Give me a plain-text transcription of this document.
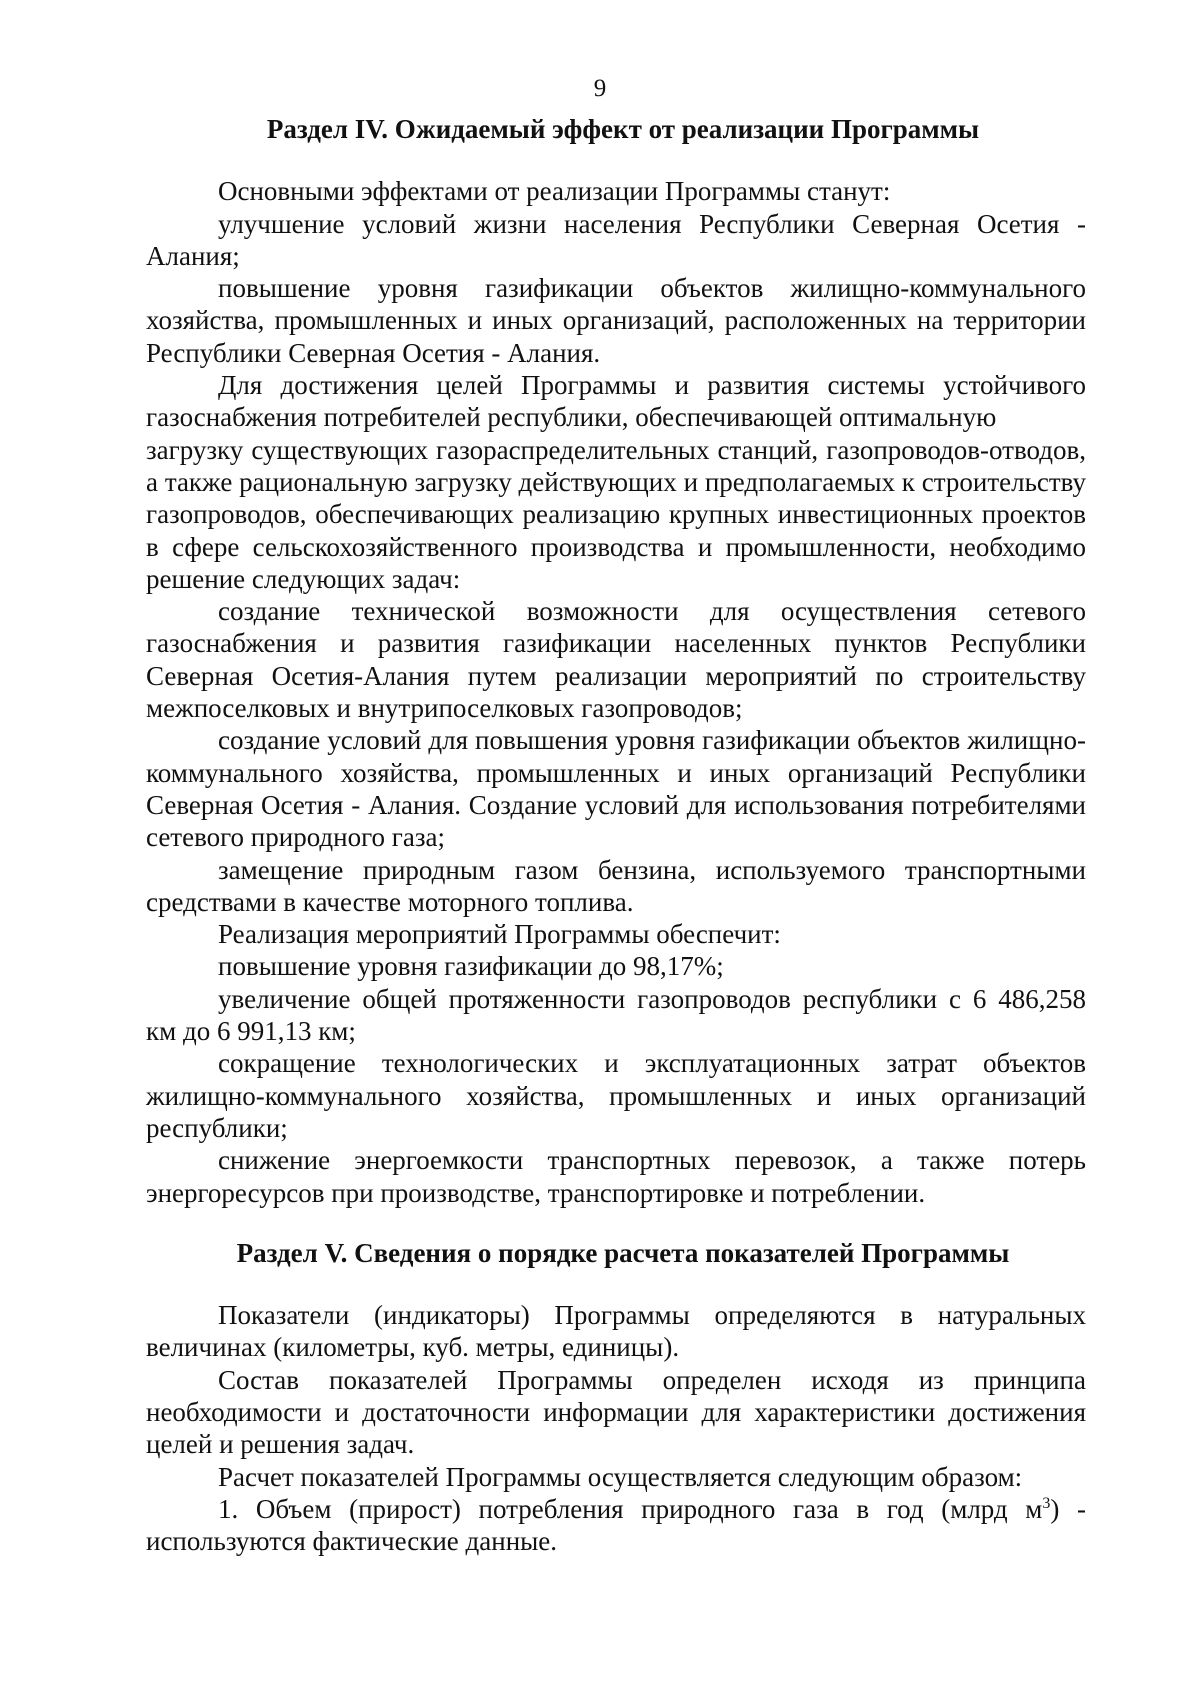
9

Раздел IV. Ожидаемый эффект от реализации Программы

Основными эффектами от реализации Программы станут:

улучшение условий жизни населения Республики Северная Осетия - Алания;

повышение уровня газификации объектов жилищно-коммунального хозяйства, промышленных и иных организаций, расположенных на территории Республики Северная Осетия - Алания.

Для достижения целей Программы и развития системы устойчивого
газоснабжения потребителей республики, обеспечивающей оптимальную

загрузку существующих газораспределительных станций, газопроводов-отводов, а также рациональную загрузку действующих и предполагаемых к строительству газопроводов, обеспечивающих реализацию крупных инвестиционных проектов в сфере сельскохозяйственного производства и промышленности, необходимо решение следующих задач:

создание технической возможности для осуществления сетевого газоснабжения и развития газификации населенных пунктов Республики Северная Осетия-Алания путем реализации мероприятий по строительству межпоселковых и внутрипоселковых газопроводов;

создание условий для повышения уровня газификации объектов жилищно-коммунального хозяйства, промышленных и иных организаций Республики Северная Осетия - Алания. Создание условий для использования потребителями сетевого природного газа;

замещение природным газом бензина, используемого транспортными средствами в качестве моторного топлива.

Реализация мероприятий Программы обеспечит:

повышение уровня газификации до 98,17%;

увеличение общей протяженности газопроводов республики с 6 486,258 км до 6 991,13 км;

сокращение технологических и эксплуатационных затрат объектов жилищно-коммунального хозяйства, промышленных и иных организаций республики;

снижение энергоемкости транспортных перевозок, а также потерь энергоресурсов при производстве, транспортировке и потреблении.

Раздел V. Сведения о порядке расчета показателей Программы

Показатели (индикаторы) Программы определяются в натуральных величинах (километры, куб. метры, единицы).

Состав показателей Программы определен исходя из принципа необходимости и достаточности информации для характеристики достижения целей и решения задач.

Расчет показателей Программы осуществляется следующим образом:

1. Объем (прирост) потребления природного газа в год (млрд $м^3$) - используются фактические данные.
